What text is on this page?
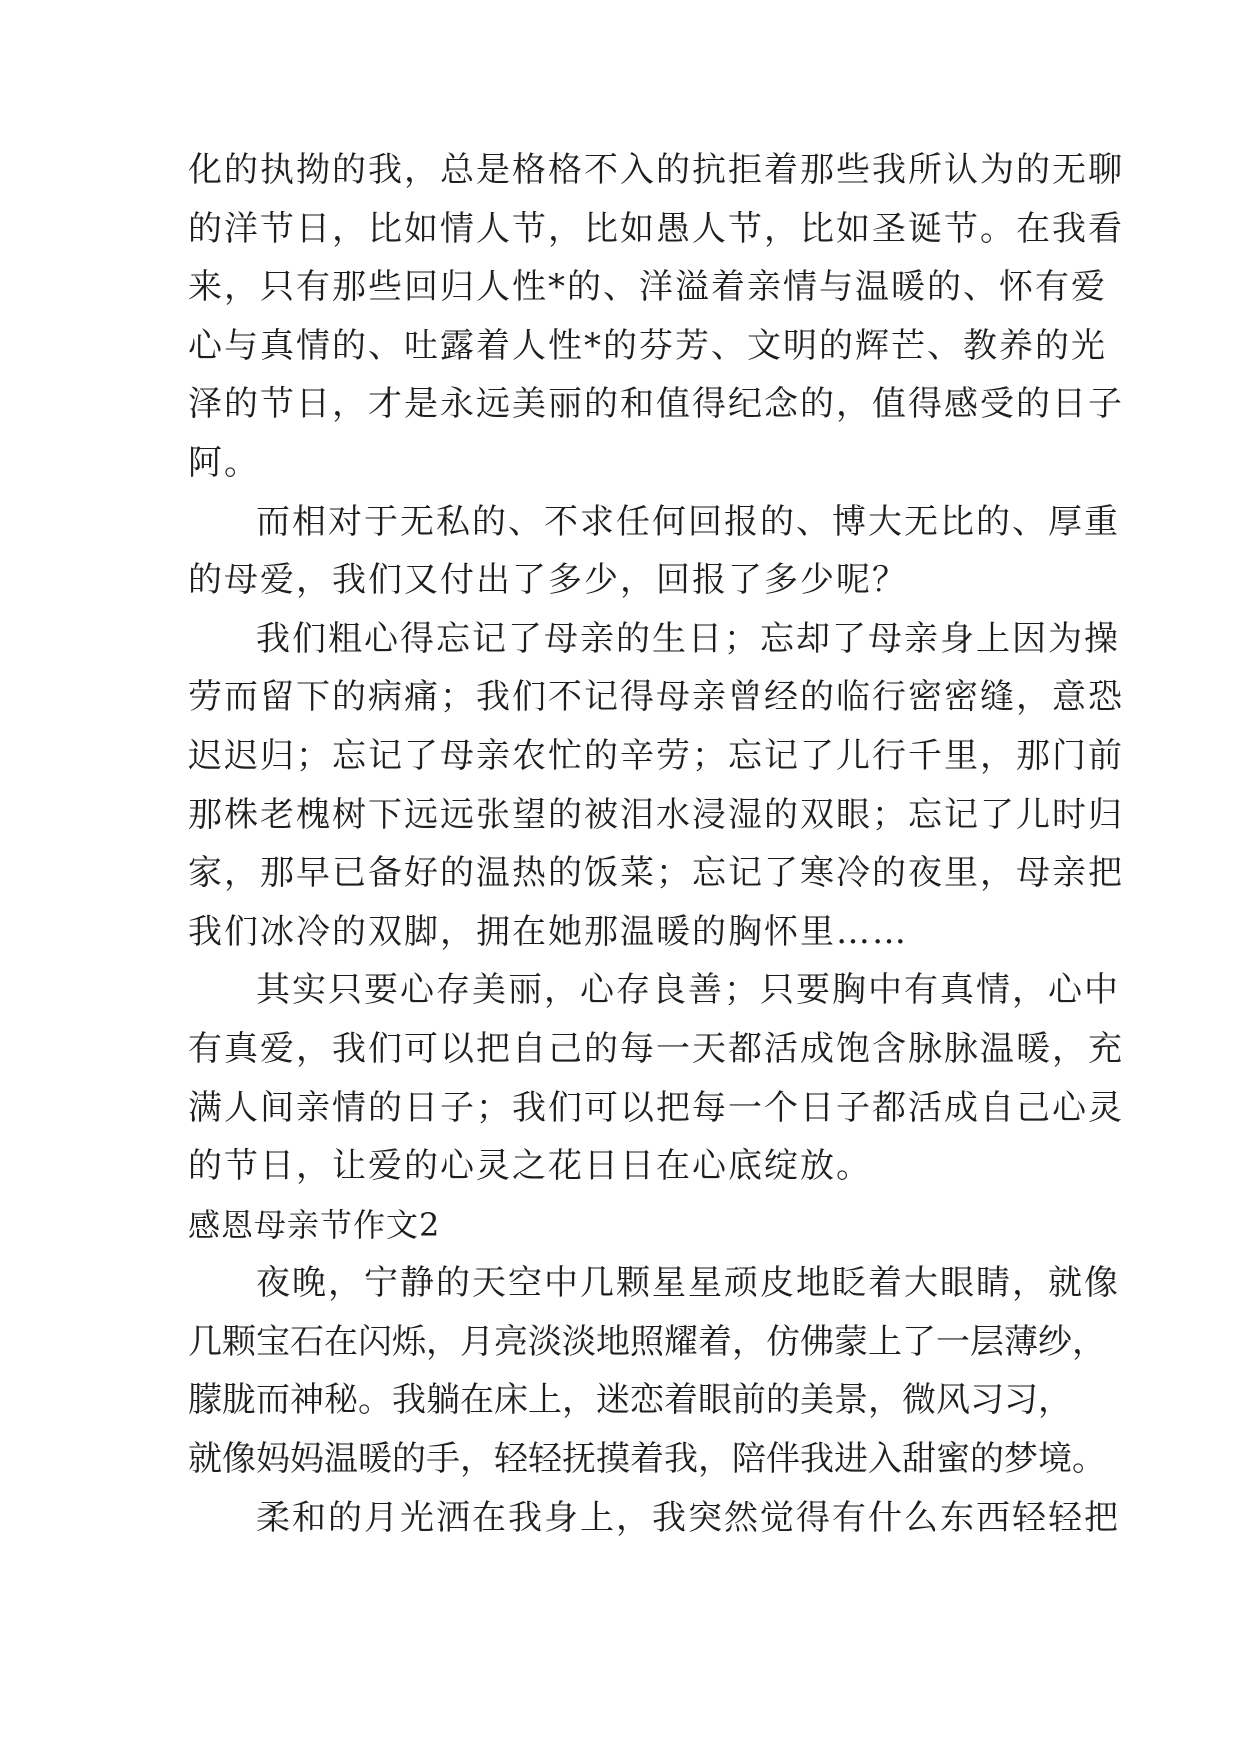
化的执拗的我，总是格格不入的抗拒着那些我所认为的无聊
的洋节日，比如情人节，比如愚人节，比如圣诞节。在我看
来，只有那些回归人性*的、洋溢着亲情与温暖的、怀有爱
心与真情的、吐露着人性*的芬芳、文明的辉芒、教养的光
泽的节日，才是永远美丽的和值得纪念的，值得感受的日子
阿。
而相对于无私的、不求任何回报的、博大无比的、厚重
的母爱，我们又付出了多少，回报了多少呢？
我们粗心得忘记了母亲的生日；忘却了母亲身上因为操
劳而留下的病痛；我们不记得母亲曾经的临行密密缝，意恐
迟迟归；忘记了母亲农忙的辛劳；忘记了儿行千里，那门前
那株老槐树下远远张望的被泪水浸湿的双眼；忘记了儿时归
家，那早已备好的温热的饭菜；忘记了寒冷的夜里，母亲把
我们冰冷的双脚，拥在她那温暖的胸怀里……
其实只要心存美丽，心存良善；只要胸中有真情，心中
有真爱，我们可以把自己的每一天都活成饱含脉脉温暖，充
满人间亲情的日子；我们可以把每一个日子都活成自己心灵
的节日，让爱的心灵之花日日在心底绽放。
感恩母亲节作文2
夜晚，宁静的天空中几颗星星顽皮地眨着大眼睛，就像
几颗宝石在闪烁，月亮淡淡地照耀着，仿佛蒙上了一层薄纱，
朦胧而神秘。我躺在床上，迷恋着眼前的美景，微风习习，
就像妈妈温暖的手，轻轻抚摸着我，陪伴我进入甜蜜的梦境。
柔和的月光洒在我身上，我突然觉得有什么东西轻轻把
